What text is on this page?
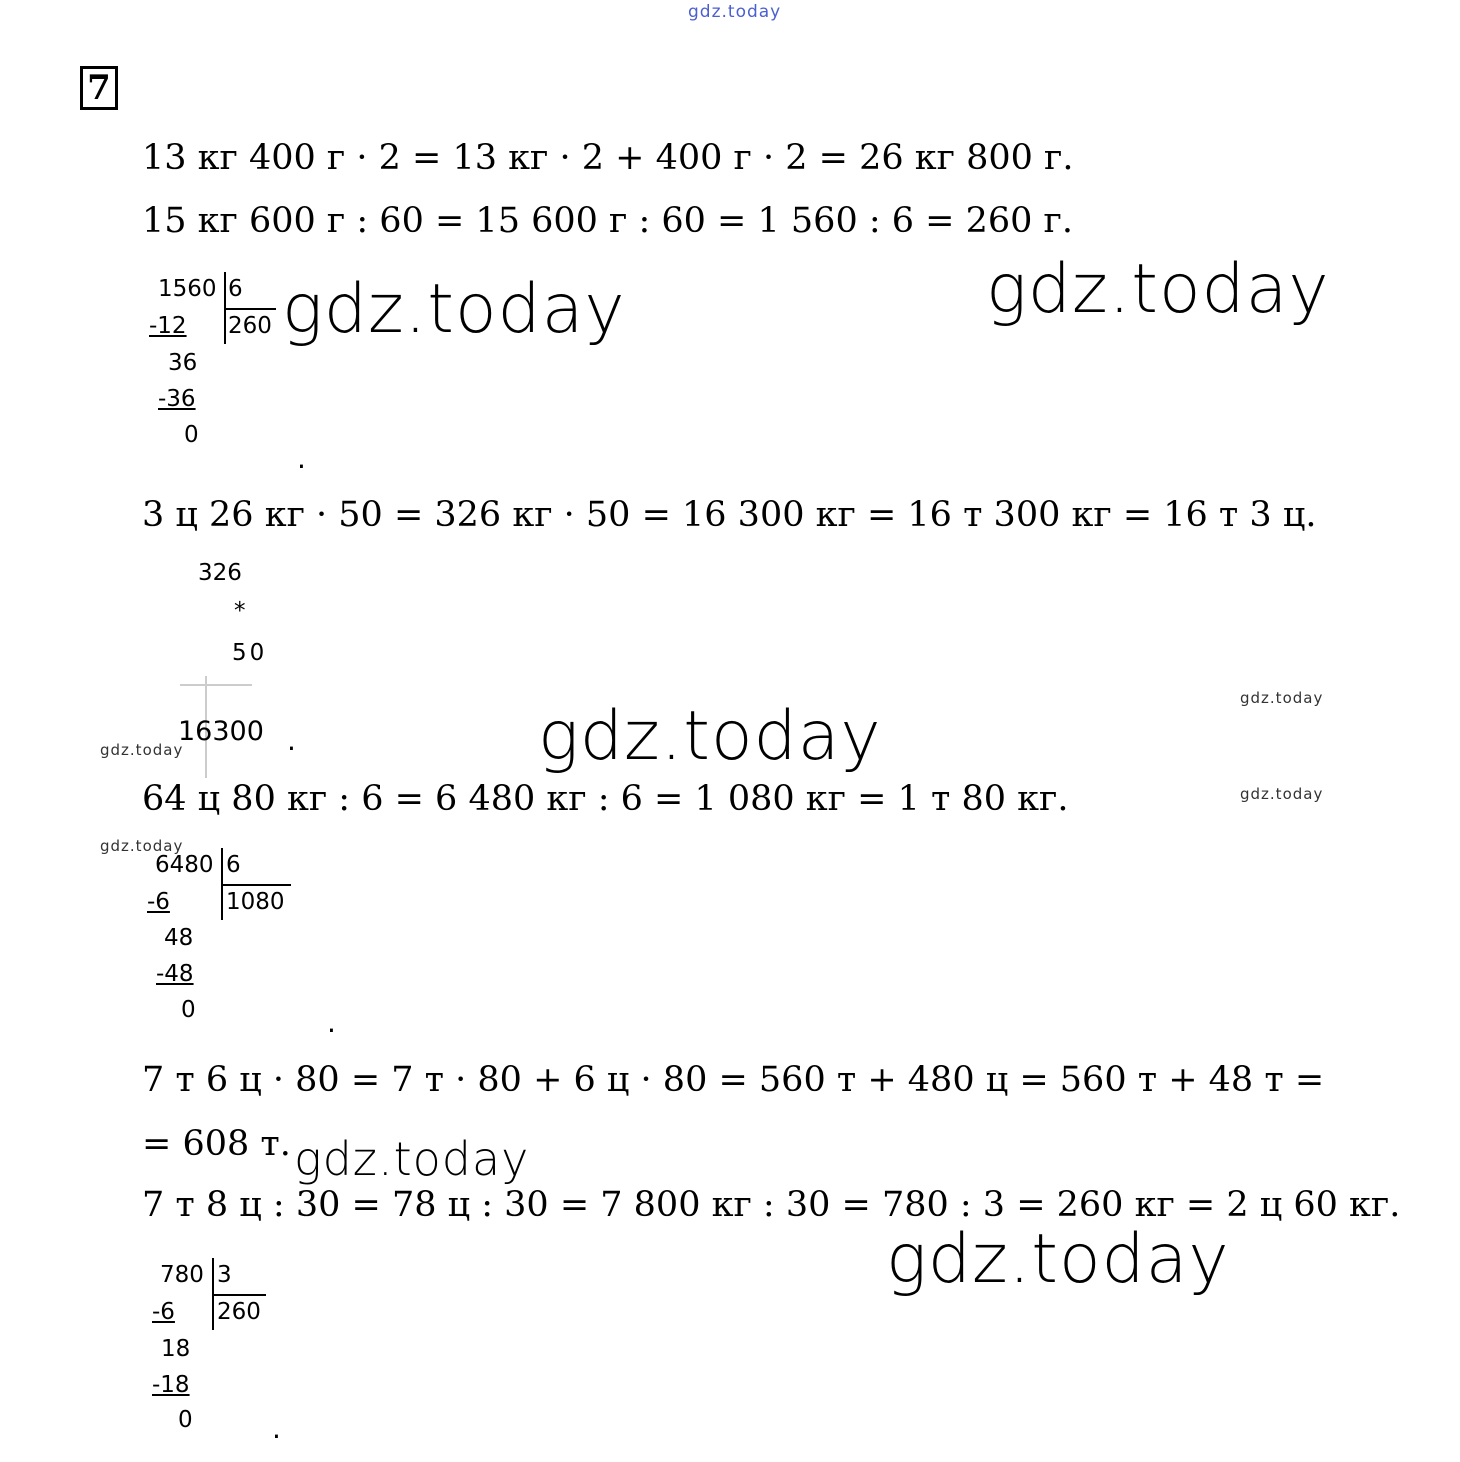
gdz.today
7
13 кг 400 г · 2 = 13 кг · 2 + 400 г · 2 = 26 кг 800 г.
15 кг 600 г : 60 = 15 600 г : 60 = 1 560 : 6 = 260 г.
3 ц 26 кг · 50 = 326 кг · 50 = 16 300 кг = 16 т 300 кг = 16 т 3 ц.
64 ц 80 кг : 6 = 6 480 кг : 6 = 1 080 кг = 1 т 80 кг.
7 т 6 ц · 80 = 7 т · 80 + 6 ц · 80 = 560 т + 480 ц = 560 т + 48 т =
= 608 т.
7 т 8 ц : 30 = 78 ц : 30 = 7 800 кг : 30 = 780 : 3 = 260 кг = 2 ц 60 кг.
1560 6
260
-12
36
-36
0
.
gdz.today	gdz.today
326
*
50
16300 .	gdz.today	gdz.today
gdz.today
gdz.today
gdz.today
6480 6
1080
-6
48
-48
0	.
gdz.today
gdz.today
780 3
260
-6
18
-18
0	.
